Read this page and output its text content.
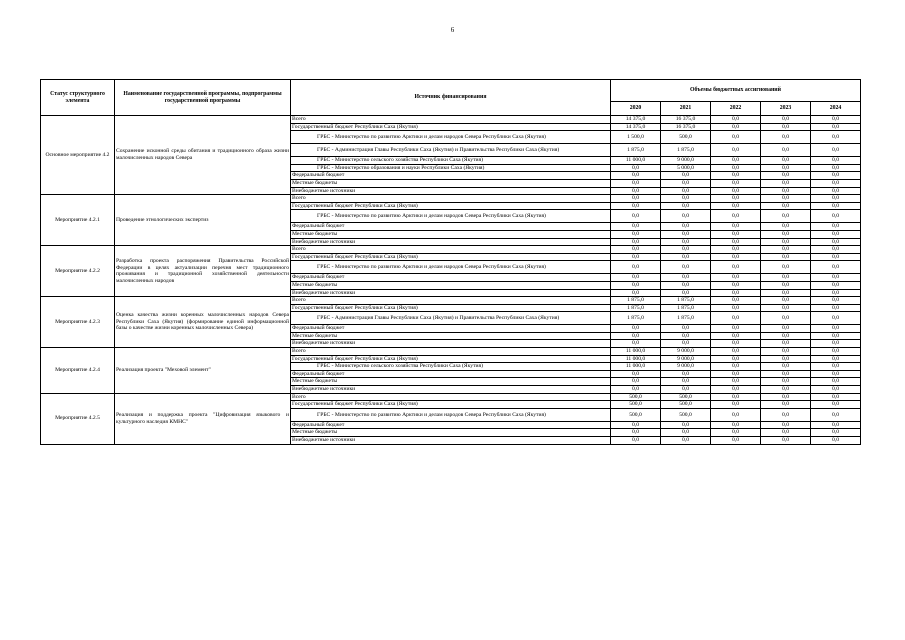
6
Статус структурного элемента	Наименование государственной программы, подпрограммы государственной программы	Источник финансирования	Объемы бюджетных ассигнований				
			2020	2021	2022	2023	2024
Основное мероприятие 4.2	Сохранение исконной среды обитания и традиционного образа жизни малочисленных народов Севера	Всего	14 375,0	16 375,0	0,0	0,0	0,0
		Государственный бюджет Республики Саха (Якутия)	14 375,0	16 375,0	0,0	0,0	0,0
		ГРБС - Министерство по развитию Арктики и делам народов Севера Республики Саха (Якутия)	1 500,0	500,0	0,0	0,0	0,0
		ГРБС - Администрация Главы Республики Саха (Якутия) и Правительства Республики Саха (Якутия)	1 875,0	1 875,0	0,0	0,0	0,0
		ГРБС - Министерство сельского хозяйства Республики Саха (Якутия)	11 000,0	9 000,0	0,0	0,0	0,0
		ГРБС - Министерство образования и науки Республики Саха (Якутия)	0,0	5 000,0	0,0	0,0	0,0
		Федеральный бюджет	0,0	0,0	0,0	0,0	0,0
		Местные бюджеты	0,0	0,0	0,0	0,0	0,0
		Внебюджетные источники	0,0	0,0	0,0	0,0	0,0
Мероприятие 4.2.1	Проведение этнологических экспертиз	Всего	0,0	0,0	0,0	0,0	0,0
		Государственный бюджет Республики Саха (Якутия)	0,0	0,0	0,0	0,0	0,0
		ГРБС - Министерство по развитию Арктики и делам народов Севера Республики Саха (Якутия)	0,0	0,0	0,0	0,0	0,0
		Федеральный бюджет	0,0	0,0	0,0	0,0	0,0
		Местные бюджеты	0,0	0,0	0,0	0,0	0,0
		Внебюджетные источники	0,0	0,0	0,0	0,0	0,0
Мероприятие 4.2.2	Разработка проекта распоряжения Правительства Российской Федерации в целях актуализации перечня мест традиционного проживания и традиционной хозяйственной деятельности малочисленных народов	Всего	0,0	0,0	0,0	0,0	0,0
		Государственный бюджет Республики Саха (Якутия)	0,0	0,0	0,0	0,0	0,0
		ГРБС - Министерство по развитию Арктики и делам народов Севера Республики Саха (Якутия)	0,0	0,0	0,0	0,0	0,0
		Федеральный бюджет	0,0	0,0	0,0	0,0	0,0
		Местные бюджеты	0,0	0,0	0,0	0,0	0,0
		Внебюджетные источники	0,0	0,0	0,0	0,0	0,0
Мероприятие 4.2.3	Оценка качества жизни коренных малочисленных народов Севера Республики Саха (Якутия) (формирование единой информационной базы о качестве жизни коренных малочисленных Севера)	Всего	1 875,0	1 875,0	0,0	0,0	0,0
		Государственный бюджет Республики Саха (Якутия)	1 875,0	1 875,0	0,0	0,0	0,0
		ГРБС - Администрация Главы Республики Саха (Якутия) и Правительства Республики Саха (Якутия)	1 875,0	1 875,0	0,0	0,0	0,0
		Федеральный бюджет	0,0	0,0	0,0	0,0	0,0
		Местные бюджеты	0,0	0,0	0,0	0,0	0,0
		Внебюджетные источники	0,0	0,0	0,0	0,0	0,0
Мероприятие 4.2.4	Реализация проекта "Меховой элемент"	Всего	11 000,0	9 000,0	0,0	0,0	0,0
		Государственный бюджет Республики Саха (Якутия)	11 000,0	9 000,0	0,0	0,0	0,0
		ГРБС - Министерство сельского хозяйства Республики Саха (Якутия)	11 000,0	9 000,0	0,0	0,0	0,0
		Федеральный бюджет	0,0	0,0	0,0	0,0	0,0
		Местные бюджеты	0,0	0,0	0,0	0,0	0,0
		Внебюджетные источники	0,0	0,0	0,0	0,0	0,0
Мероприятие 4.2.5	Реализация и поддержка проекта "Цифровизация языкового и культурного наследия КМНС"	Всего	500,0	500,0	0,0	0,0	0,0
		Государственный бюджет Республики Саха (Якутия)	500,0	500,0	0,0	0,0	0,0
		ГРБС - Министерство по развитию Арктики и делам народов Севера Республики Саха (Якутия)	500,0	500,0	0,0	0,0	0,0
		Федеральный бюджет	0,0	0,0	0,0	0,0	0,0
		Местные бюджеты	0,0	0,0	0,0	0,0	0,0
		Внебюджетные источники	0,0	0,0	0,0	0,0	0,0
